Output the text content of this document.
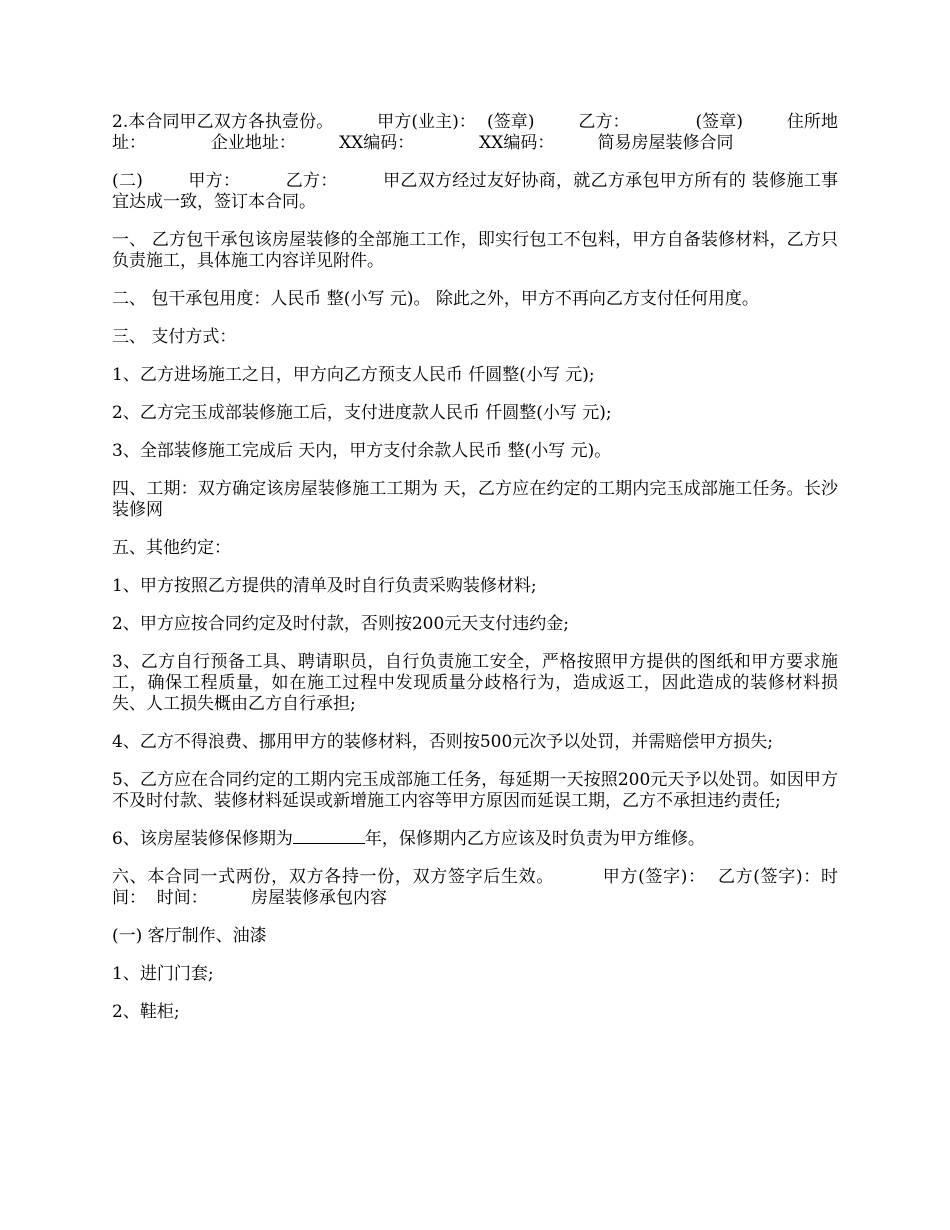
2.本合同甲乙双方各执壹份。        甲方(业主)：  (签章)        乙方：            (签章)        住所地址：            企业地址：        XX编码：            XX编码：        简易房屋装修合同

(二)        甲方：        乙方：        甲乙双方经过友好协商，就乙方承包甲方所有的 装修施工事宜达成一致，签订本合同。

一、 乙方包干承包该房屋装修的全部施工工作，即实行包工不包料，甲方自备装修材料，乙方只负责施工，具体施工内容详见附件。

二、 包干承包用度：人民币 整(小写 元)。 除此之外，甲方不再向乙方支付任何用度。

三、 支付方式：

1、乙方进场施工之日，甲方向乙方预支人民币 仟圆整(小写 元);

2、乙方完玉成部装修施工后，支付进度款人民币 仟圆整(小写 元);

3、全部装修施工完成后 天内，甲方支付余款人民币 整(小写 元)。

四、工期：双方确定该房屋装修施工工期为 天，乙方应在约定的工期内完玉成部施工任务。长沙装修网

五、其他约定：

1、甲方按照乙方提供的清单及时自行负责采购装修材料;

2、甲方应按合同约定及时付款，否则按200元天支付违约金;

3、乙方自行预备工具、聘请职员，自行负责施工安全，严格按照甲方提供的图纸和甲方要求施工，确保工程质量，如在施工过程中发现质量分歧格行为，造成返工，因此造成的装修材料损失、人工损失概由乙方自行承担;

4、乙方不得浪费、挪用甲方的装修材料，否则按500元次予以处罚，并需赔偿甲方损失;

5、乙方应在合同约定的工期内完玉成部施工任务，每延期一天按照200元天予以处罚。如因甲方不及时付款、装修材料延误或新增施工内容等甲方原因而延误工期，乙方不承担违约责任;

6、该房屋装修保修期为	年，保修期内乙方应该及时负责为甲方维修。

六、本合同一式两份，双方各持一份，双方签字后生效。        甲方(签字)：  乙方(签字)：时间：  时间：        房屋装修承包内容

(一) 客厅制作、油漆

1、进门门套;

2、鞋柜;
